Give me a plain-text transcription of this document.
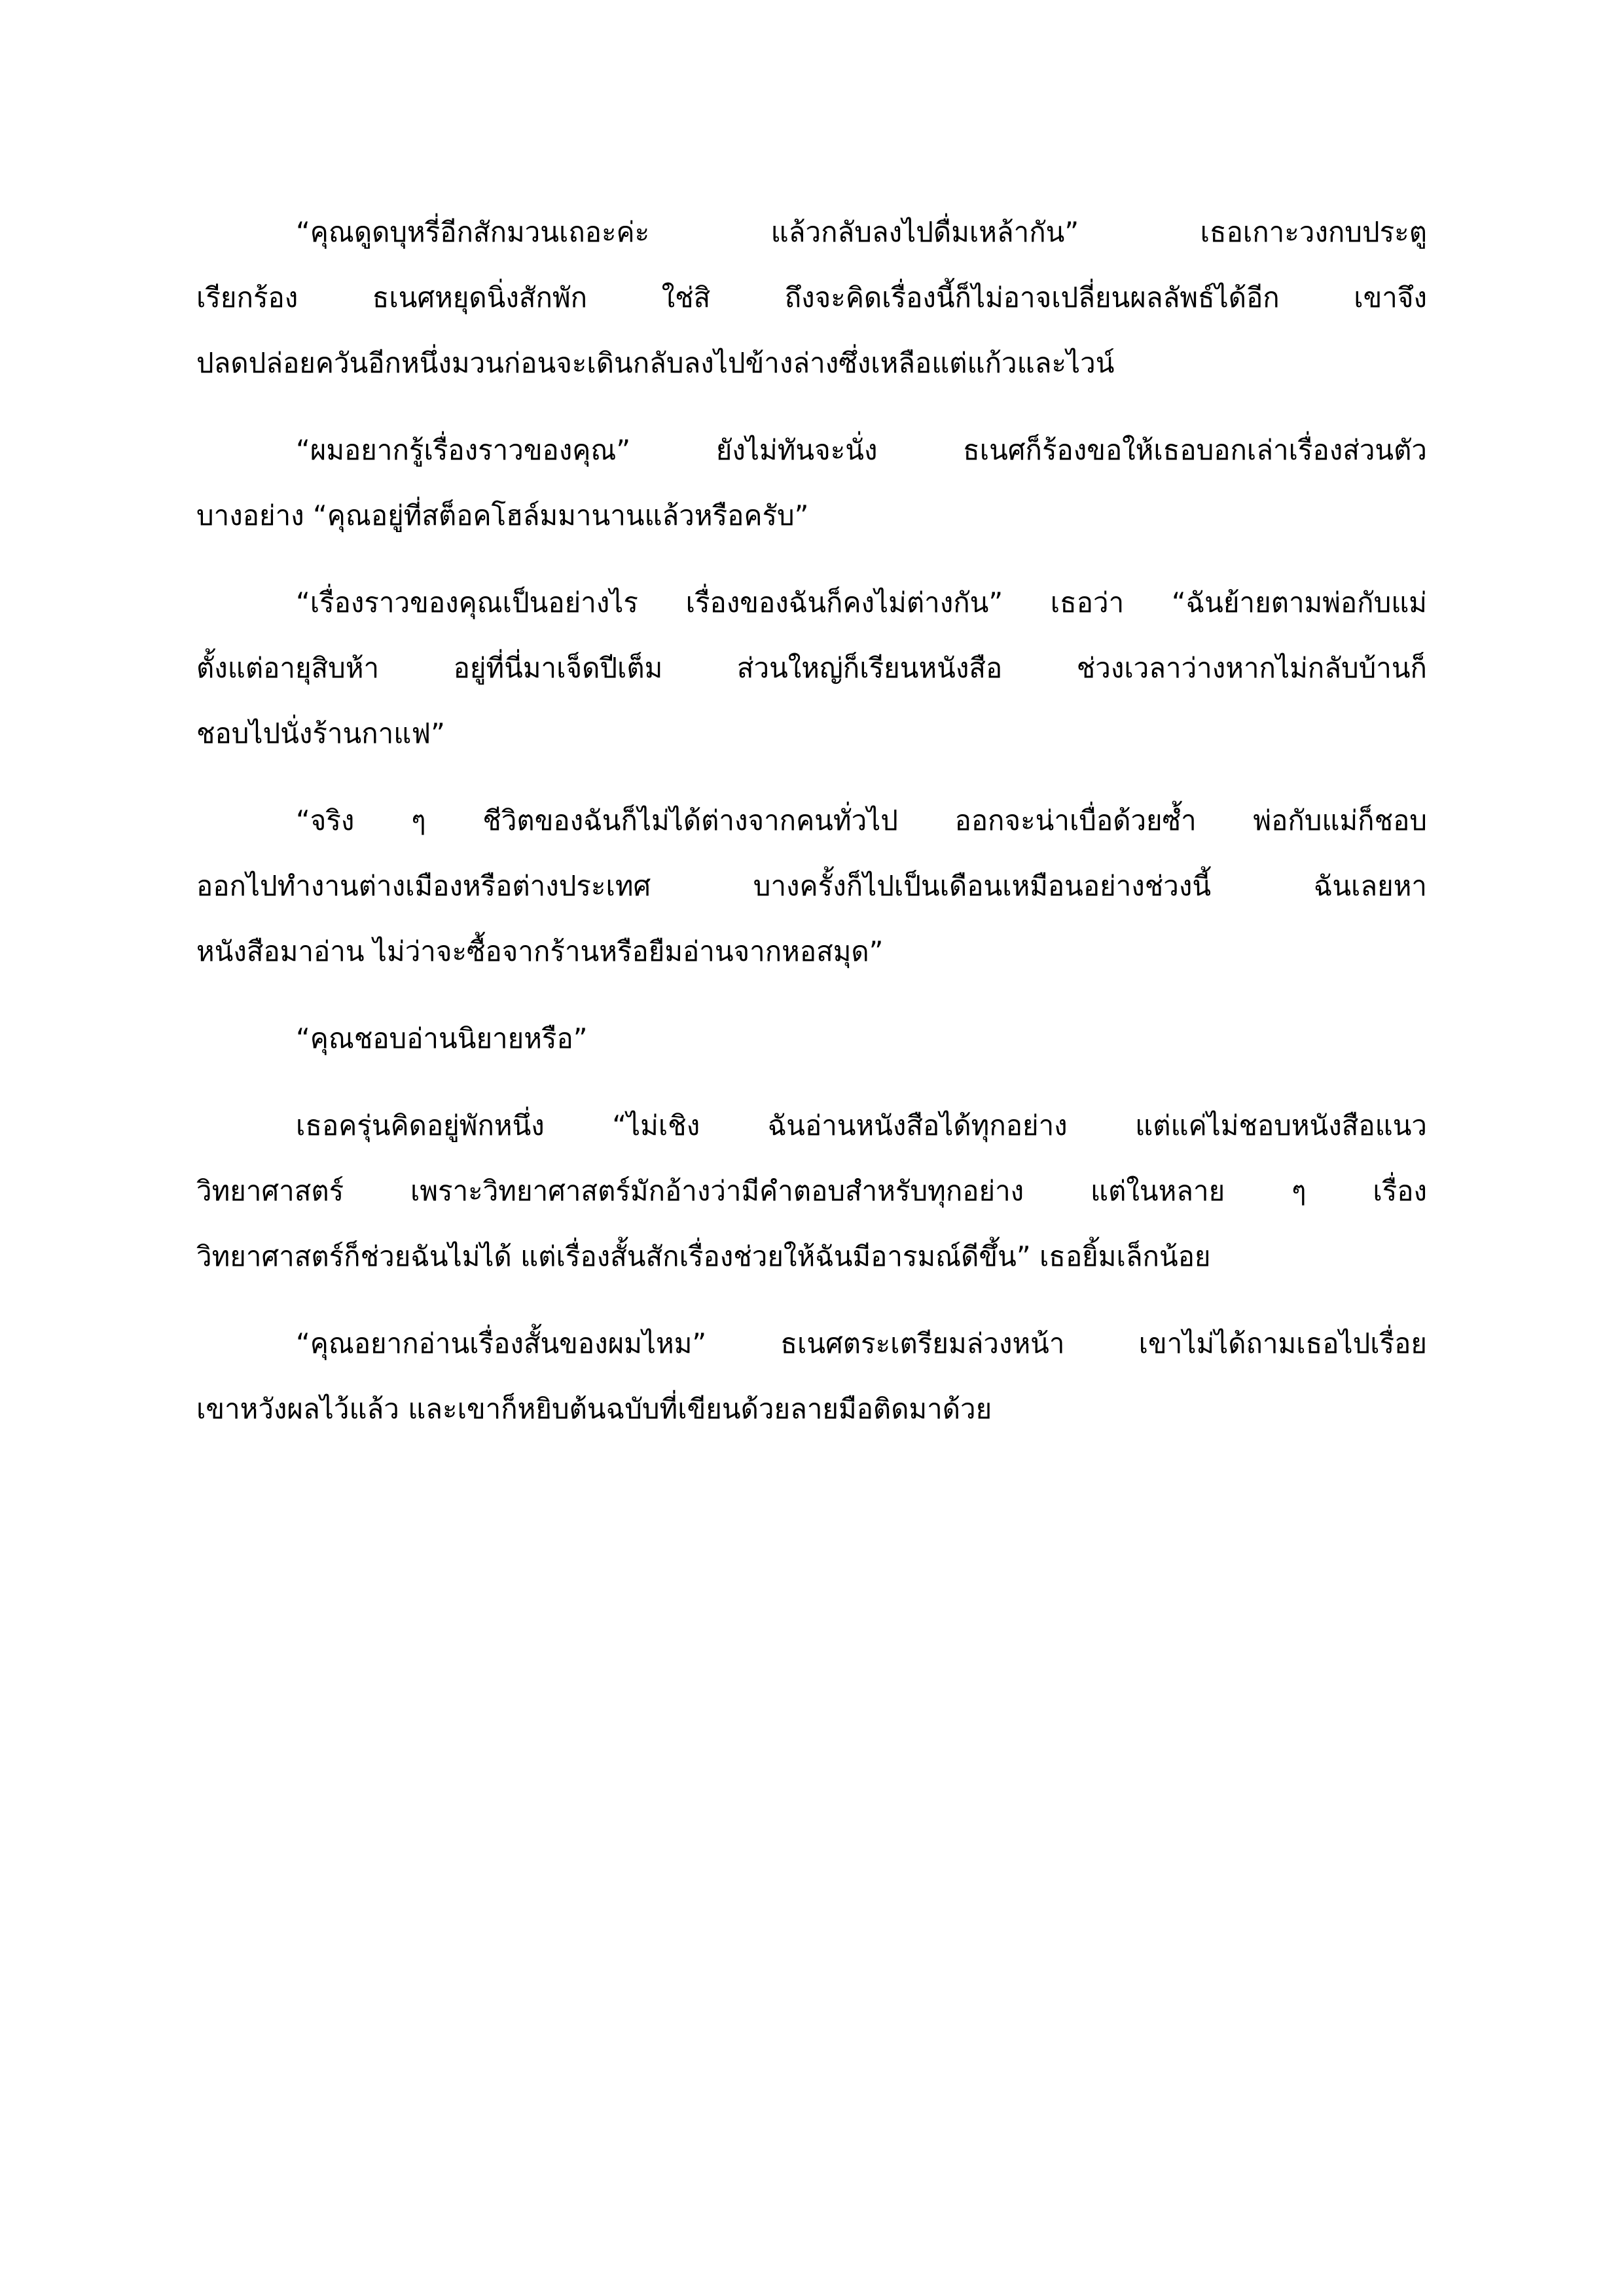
“คุณดูดบุหรี่อีกสักมวนเถอะค่ะ แล้วกลับลงไปดื่มเหล้ากัน” เธอเกาะวงกบประตู
เรียกร้อง ธเนศหยุดนิ่งสักพัก ใช่สิ ถึงจะคิดเรื่องนี้ก็ไม่อาจเปลี่ยนผลลัพธ์ได้อีก เขาจึง
ปลดปล่อยควันอีกหนึ่งมวนก่อนจะเดินกลับลงไปข้างล่างซึ่งเหลือแต่แก้วและไวน์

“ผมอยากรู้เรื่องราวของคุณ” ยังไม่ทันจะนั่ง ธเนศก็ร้องขอให้เธอบอกเล่าเรื่องส่วนตัว
บางอย่าง “คุณอยู่ที่สต็อคโฮล์มมานานแล้วหรือครับ”

“เรื่องราวของคุณเป็นอย่างไร เรื่องของฉันก็คงไม่ต่างกัน” เธอว่า “ฉันย้ายตามพ่อกับแม่
ตั้งแต่อายุสิบห้า อยู่ที่นี่มาเจ็ดปีเต็ม ส่วนใหญ่ก็เรียนหนังสือ ช่วงเวลาว่างหากไม่กลับบ้านก็
ชอบไปนั่งร้านกาแฟ”

“จริง ๆ ชีวิตของฉันก็ไม่ได้ต่างจากคนทั่วไป ออกจะน่าเบื่อด้วยซ้ำ พ่อกับแม่ก็ชอบ
ออกไปทำงานต่างเมืองหรือต่างประเทศ บางครั้งก็ไปเป็นเดือนเหมือนอย่างช่วงนี้ ฉันเลยหา
หนังสือมาอ่าน ไม่ว่าจะซื้อจากร้านหรือยืมอ่านจากหอสมุด”

“คุณชอบอ่านนิยายหรือ”

เธอครุ่นคิดอยู่พักหนึ่ง “ไม่เชิง ฉันอ่านหนังสือได้ทุกอย่าง แต่แค่ไม่ชอบหนังสือแนว
วิทยาศาสตร์ เพราะวิทยาศาสตร์มักอ้างว่ามีคำตอบสำหรับทุกอย่าง แต่ในหลาย ๆ เรื่อง
วิทยาศาสตร์ก็ช่วยฉันไม่ได้ แต่เรื่องสั้นสักเรื่องช่วยให้ฉันมีอารมณ์ดีขึ้น” เธอยิ้มเล็กน้อย

“คุณอยากอ่านเรื่องสั้นของผมไหม” ธเนศตระเตรียมล่วงหน้า เขาไม่ได้ถามเธอไปเรื่อย
เขาหวังผลไว้แล้ว และเขาก็หยิบต้นฉบับที่เขียนด้วยลายมือติดมาด้วย
